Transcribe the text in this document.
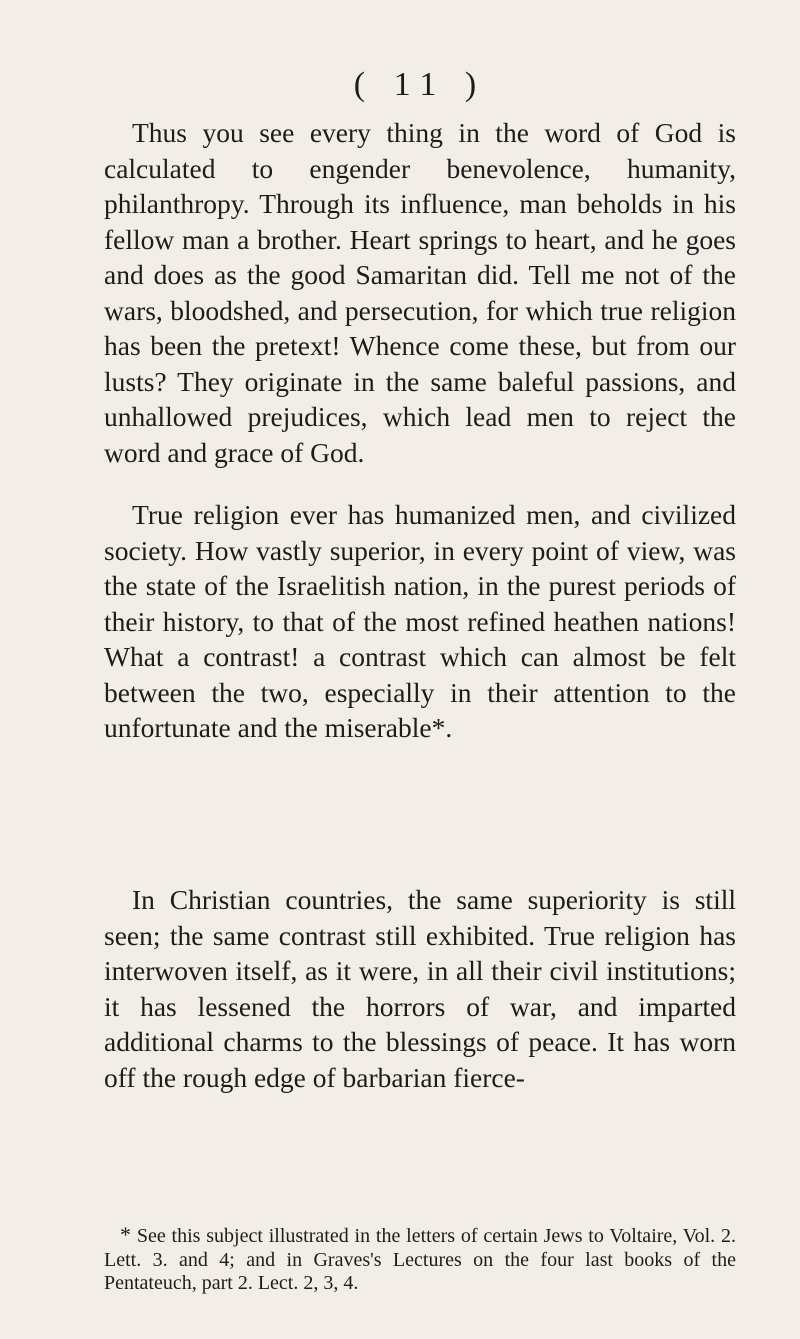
( 11 )

Thus you see every thing in the word of God is calculated to engender benevolence, humanity, philanthropy. Through its influence, man beholds in his fellow man a brother. Heart springs to heart, and he goes and does as the good Samaritan did. Tell me not of the wars, bloodshed, and persecution, for which true religion has been the pretext! Whence come these, but from our lusts? They originate in the same baleful passions, and unhallowed prejudices, which lead men to reject the word and grace of God.

True religion ever has humanized men, and civilized society. How vastly superior, in every point of view, was the state of the Israelitish nation, in the purest periods of their history, to that of the most refined heathen nations! What a contrast! a contrast which can almost be felt between the two, especially in their attention to the unfortunate and the miserable*.

In Christian countries, the same superiority is still seen; the same contrast still exhibited. True religion has interwoven itself, as it were, in all their civil institutions; it has lessened the horrors of war, and imparted additional charms to the blessings of peace. It has worn off the rough edge of barbarian fierce-

* See this subject illustrated in the letters of certain Jews to Voltaire, Vol. 2. Lett. 3. and 4; and in Graves's Lectures on the four last books of the Pentateuch, part 2. Lect. 2, 3, 4.
